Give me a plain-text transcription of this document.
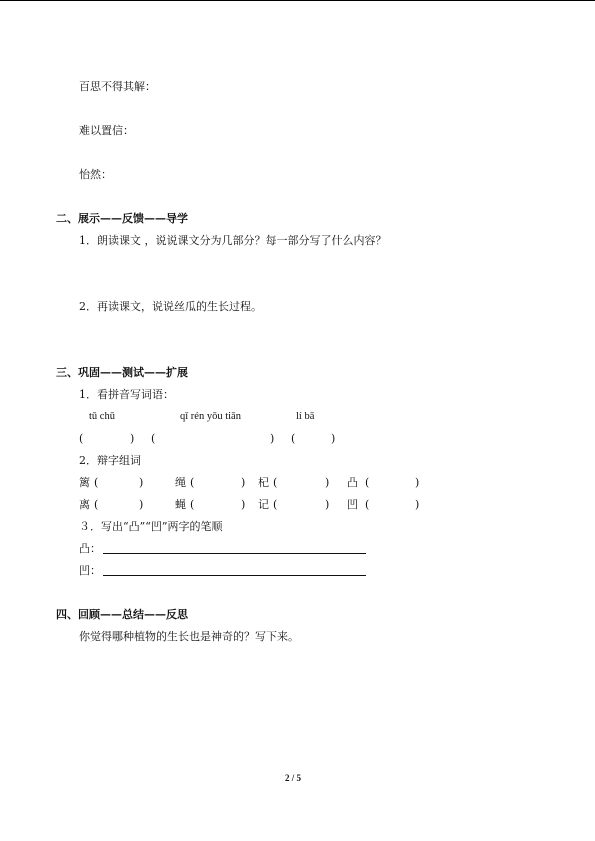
百思不得其解：
难以置信：
怡然：
二、展示——反馈——导学
1．朗读课文 ，说说课文分为几部分？每一部分写了什么内容？
2．再读课文，说说丝瓜的生长过程。
三、巩固——测试——扩展
1．看拼音写词语：
tū chū	qǐ rén yōu tiān	lí bā
(	) (	) (	)
2．辩字组词
篱 (	)	绳 (	) 杞 (	) 凸 (	)
离 (	)	蝇 (	) 记 (	) 凹 (	)
３．写出“凸”“凹”两字的笔顺
凸：
凹：
四、回顾——总结——反思
你觉得哪种植物的生长也是神奇的？写下来。
2 / 5
